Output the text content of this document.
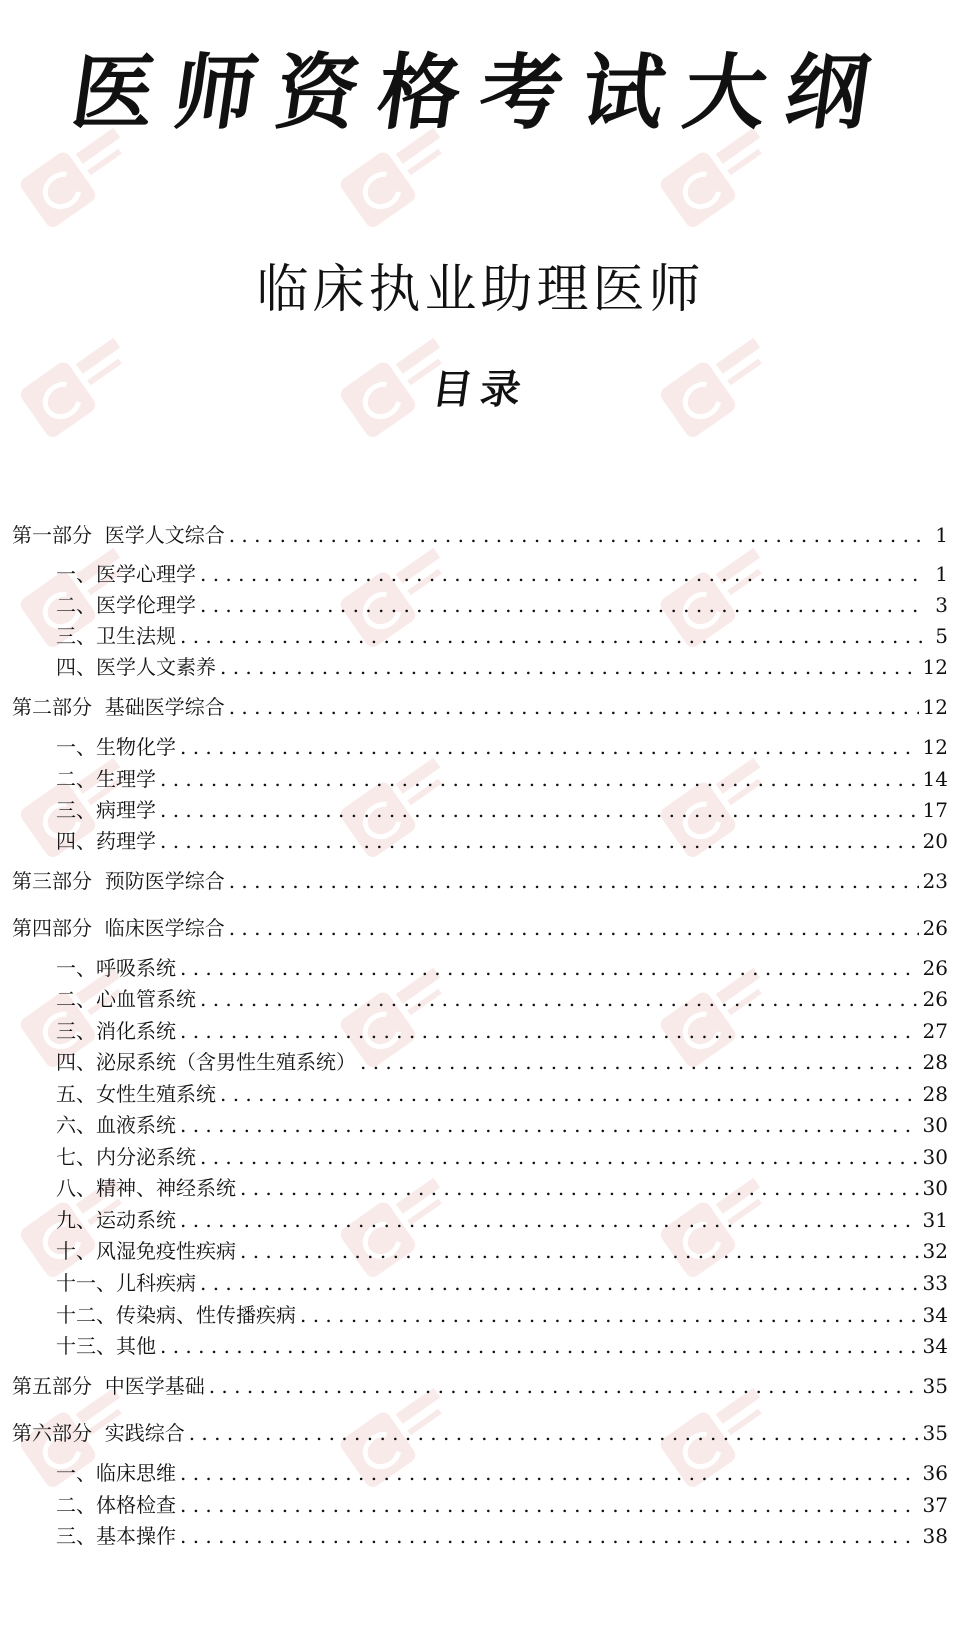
医师资格考试大纲
临床执业助理医师
目录
第一部分  医学人文综合 . . .	1
一、医学心理学 . . .	1
二、医学伦理学 . . .	3
三、卫生法规 . . .	5
四、医学人文素养 . . .	12
第二部分  基础医学综合 . . .	12
一、生物化学 . . .	12
二、生理学 . . .	14
三、病理学 . . .	17
四、药理学 . . .	20
第三部分  预防医学综合 . . .	23
第四部分  临床医学综合 . . .	26
一、呼吸系统 . . .	26
二、心血管系统 . . .	26
三、消化系统 . . .	27
四、泌尿系统（含男性生殖系统） . . .	28
五、女性生殖系统 . . .	28
六、血液系统 . . .	30
七、内分泌系统 . . .	30
八、精神、神经系统 . . .	30
九、运动系统 . . .	31
十、风湿免疫性疾病 . . .	32
十一、儿科疾病 . . .	33
十二、传染病、性传播疾病 . . .	34
十三、其他 . . .	34
第五部分  中医学基础 . . .	35
第六部分  实践综合 . . .	35
一、临床思维 . . .	36
二、体格检查 . . .	37
三、基本操作 . . .	38
